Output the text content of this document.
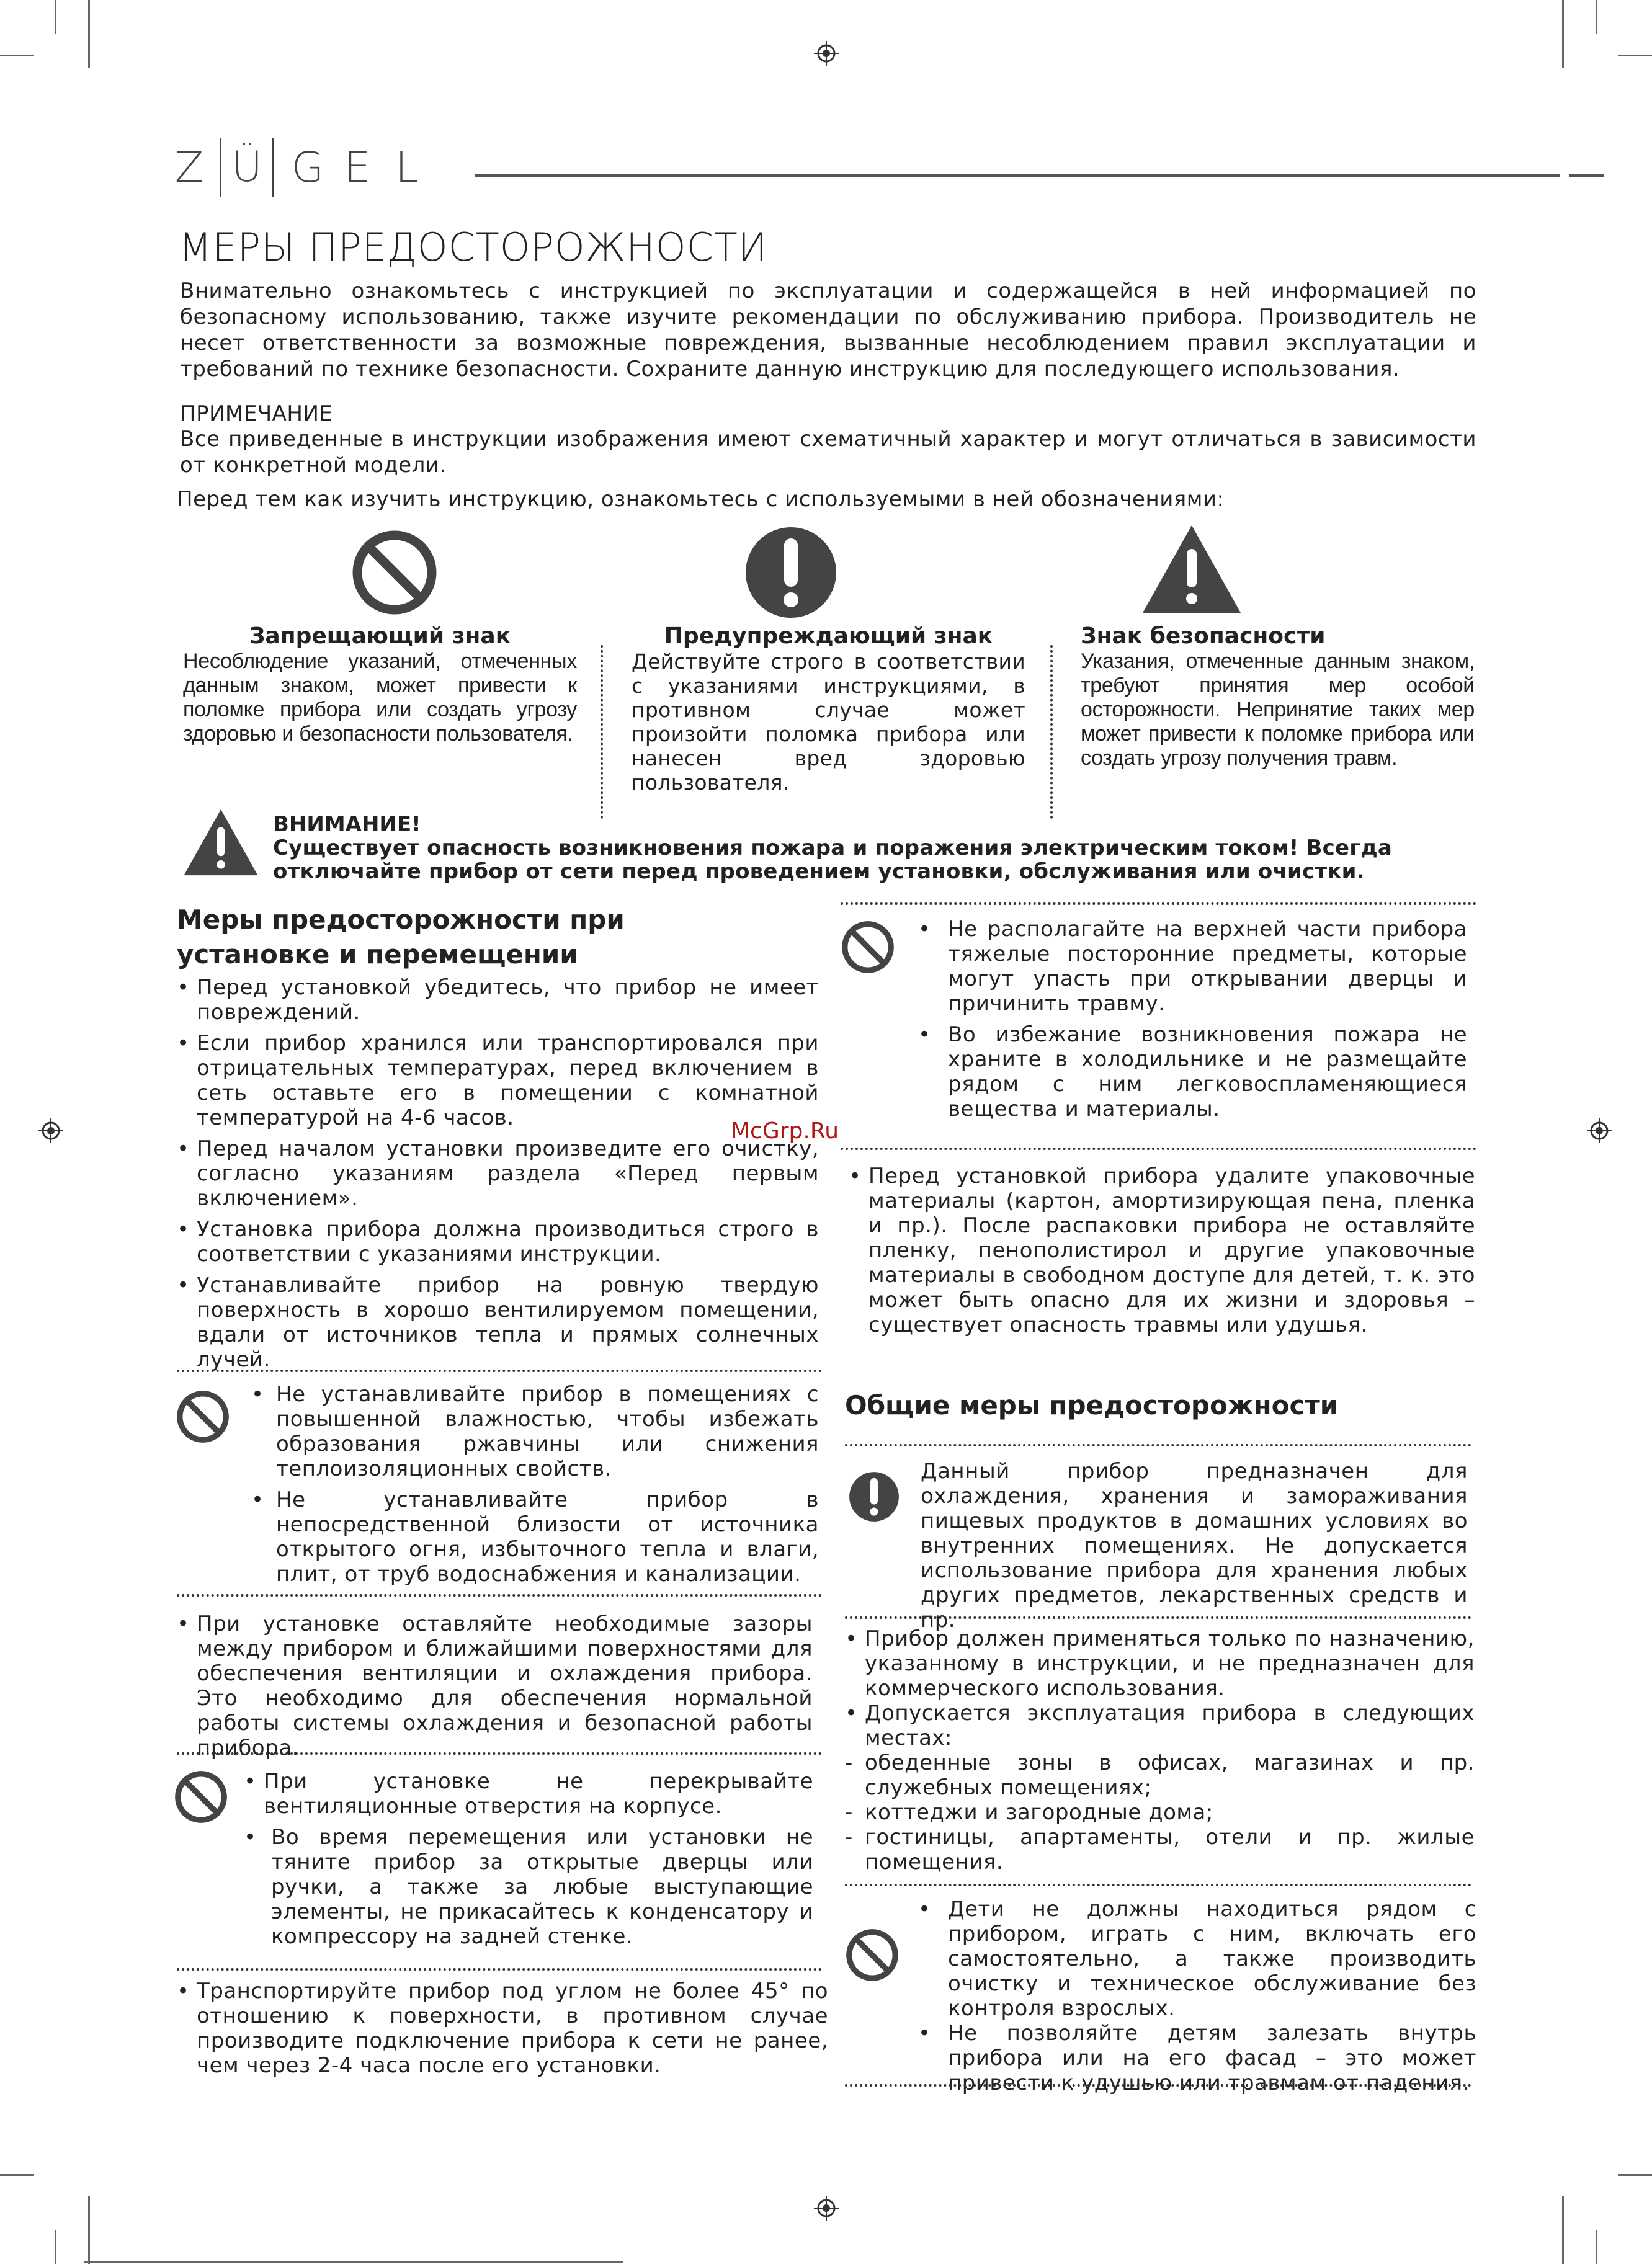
Z Ü G E L
МЕРЫ ПРЕДОСТОРОЖНОСТИ
Внимательно ознакомьтесь с инструкцией по эксплуатации и содержащейся в ней информацией по безопасному использованию, также изучите рекомендации по обслуживанию прибора. Производитель не несет ответственности за возможные повреждения, вызванные несоблюдением правил эксплуатации и требований по технике безопасности. Сохраните данную инструкцию для последующего использования.
ПРИМЕЧАНИЕ
Все приведенные в инструкции изображения имеют схематичный характер и могут отличаться в зависимости от конкретной модели.
Перед тем как изучить инструкцию, ознакомьтесь с используемыми в ней обозначениями:
Запрещающий знак
Несоблюдение указаний, отмеченных данным знаком, может привести к поломке прибора или создать угрозу здоровью и безопасности пользователя.
Предупреждающий знак
Действуйте строго в соответствии с указаниями инструкциями, в противном случае может произойти поломка прибора или нанесен вред здоровью пользователя.
Знак безопасности
Указания, отмеченные данным знаком, требуют принятия мер особой осторожности. Непринятие таких мер может привести к поломке прибора или создать угрозу получения травм.
ВНИМАНИЕ!
Существует опасность возникновения пожара и поражения электрическим током! Всегда отключайте прибор от сети перед проведением установки, обслуживания или очистки.
Меры предосторожности при установке и перемещении
• Перед установкой убедитесь, что прибор не имеет повреждений.
• Если прибор хранился или транспортировался при отрицательных температурах, перед включением в сеть оставьте его в помещении с комнатной температурой на 4-6 часов.
• Перед началом установки произведите его очистку, согласно указаниям раздела «Перед первым включением».
• Установка прибора должна производиться строго в соответствии с указаниями инструкции.
• Устанавливайте прибор на ровную твердую поверхность в хорошо вентилируемом помещении, вдали от источников тепла и прямых солнечных лучей.
• Не устанавливайте прибор в помещениях с повышенной влажностью, чтобы избежать образования ржавчины или снижения теплоизоляционных свойств.
• Не устанавливайте прибор в непосредственной близости от источника открытого огня, избыточного тепла и влаги, плит, от труб водоснабжения и канализации.
• При установке оставляйте необходимые зазоры между прибором и ближайшими поверхностями для обеспечения вентиляции и охлаждения прибора. Это необходимо для обеспечения нормальной работы системы охлаждения и безопасной работы прибора.
• При установке не перекрывайте вентиляционные отверстия на корпусе.
• Во время перемещения или установки не тяните прибор за открытые дверцы или ручки, а также за любые выступающие элементы, не прикасайтесь к конденсатору и компрессору на задней стенке.
• Транспортируйте прибор под углом не более 45° по отношению к поверхности, в противном случае производите подключение прибора к сети не ранее, чем через 2-4 часа после его установки.
McGrp.Ru
• Не располагайте на верхней части прибора тяжелые посторонние предметы, которые могут упасть при открывании дверцы и причинить травму.
• Во избежание возникновения пожара не храните в холодильнике и не размещайте рядом с ним легковоспламеняющиеся вещества и материалы.
• Перед установкой прибора удалите упаковочные материалы (картон, амортизирующая пена, пленка и пр.). После распаковки прибора не оставляйте пленку, пенополистирол и другие упаковочные материалы в свободном доступе для детей, т. к. это может быть опасно для их жизни и здоровья – существует опасность травмы или удушья.
Общие меры предосторожности
Данный прибор предназначен для охлаждения, хранения и замораживания пищевых продуктов в домашних условиях во внутренних помещениях. Не допускается использование прибора для хранения любых других предметов, лекарственных средств и пр.
• Прибор должен применяться только по назначению, указанному в инструкции, и не предназначен для коммерческого использования.
• Допускается эксплуатация прибора в следующих местах:
- обеденные зоны в офисах, магазинах и пр. служебных помещениях;
- коттеджи и загородные дома;
- гостиницы, апартаменты, отели и пр. жилые помещения.
• Дети не должны находиться рядом с прибором, играть с ним, включать его самостоятельно, а также производить очистку и техническое обслуживание без контроля взрослых.
• Не позволяйте детям залезать внутрь прибора или на его фасад – это может привести к удушью или травмам от падения.
